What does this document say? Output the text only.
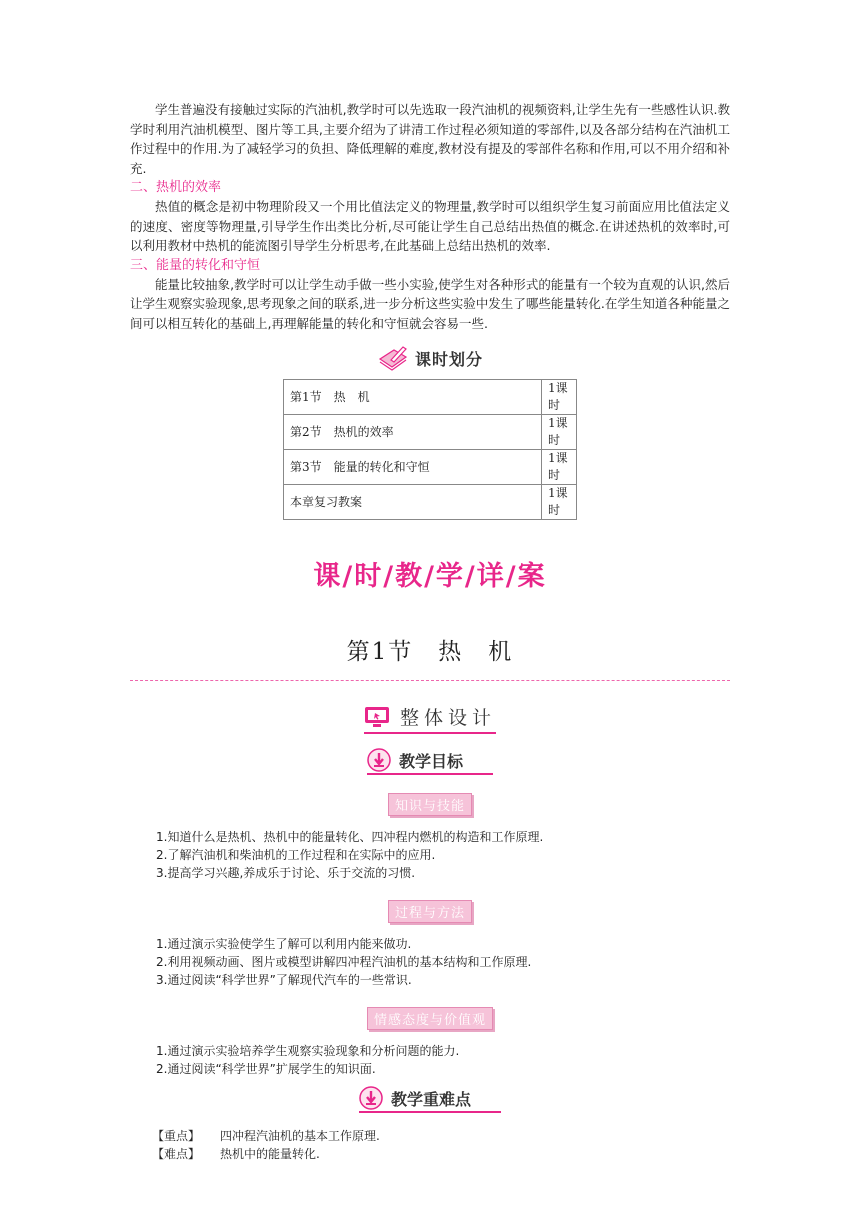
学生普遍没有接触过实际的汽油机,教学时可以先选取一段汽油机的视频资料,让学生先有一些感性认识.教学时利用汽油机模型、图片等工具,主要介绍为了讲清工作过程必须知道的零部件,以及各部分结构在汽油机工作过程中的作用.为了减轻学习的负担、降低理解的难度,教材没有提及的零部件名称和作用,可以不用介绍和补充.

二、热机的效率

热值的概念是初中物理阶段又一个用比值法定义的物理量,教学时可以组织学生复习前面应用比值法定义的速度、密度等物理量,引导学生作出类比分析,尽可能让学生自己总结出热值的概念.在讲述热机的效率时,可以利用教材中热机的能流图引导学生分析思考,在此基础上总结出热机的效率.

三、能量的转化和守恒

能量比较抽象,教学时可以让学生动手做一些小实验,使学生对各种形式的能量有一个较为直观的认识,然后让学生观察实验现象,思考现象之间的联系,进一步分析这些实验中发生了哪些能量转化.在学生知道各种能量之间可以相互转化的基础上,再理解能量的转化和守恒就会容易一些.

课时划分
第1节　热　机	1课时
第2节　热机的效率	1课时
第3节　能量的转化和守恒	1课时
本章复习教案	1课时
课/时/教/学/详/案
第1节　热　机
整体设计
教学目标
知识与技能
1.知道什么是热机、热机中的能量转化、四冲程内燃机的构造和工作原理.
2.了解汽油机和柴油机的工作过程和在实际中的应用.
3.提高学习兴趣,养成乐于讨论、乐于交流的习惯.
过程与方法
1.通过演示实验使学生了解可以利用内能来做功.
2.利用视频动画、图片或模型讲解四冲程汽油机的基本结构和工作原理.
3.通过阅读“科学世界”了解现代汽车的一些常识.
情感态度与价值观
1.通过演示实验培养学生观察实验现象和分析问题的能力.
2.通过阅读“科学世界”扩展学生的知识面.
教学重难点
【重点】	四冲程汽油机的基本工作原理.
【难点】	热机中的能量转化.
